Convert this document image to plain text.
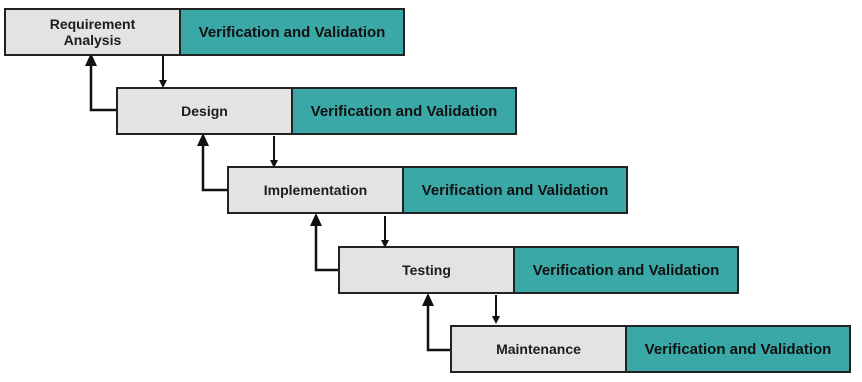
Requirement
Analysis	Verification and Validation
Design	Verification and Validation
Implementation	Verification and Validation
Testing	Verification and Validation
Maintenance	Verification and Validation
